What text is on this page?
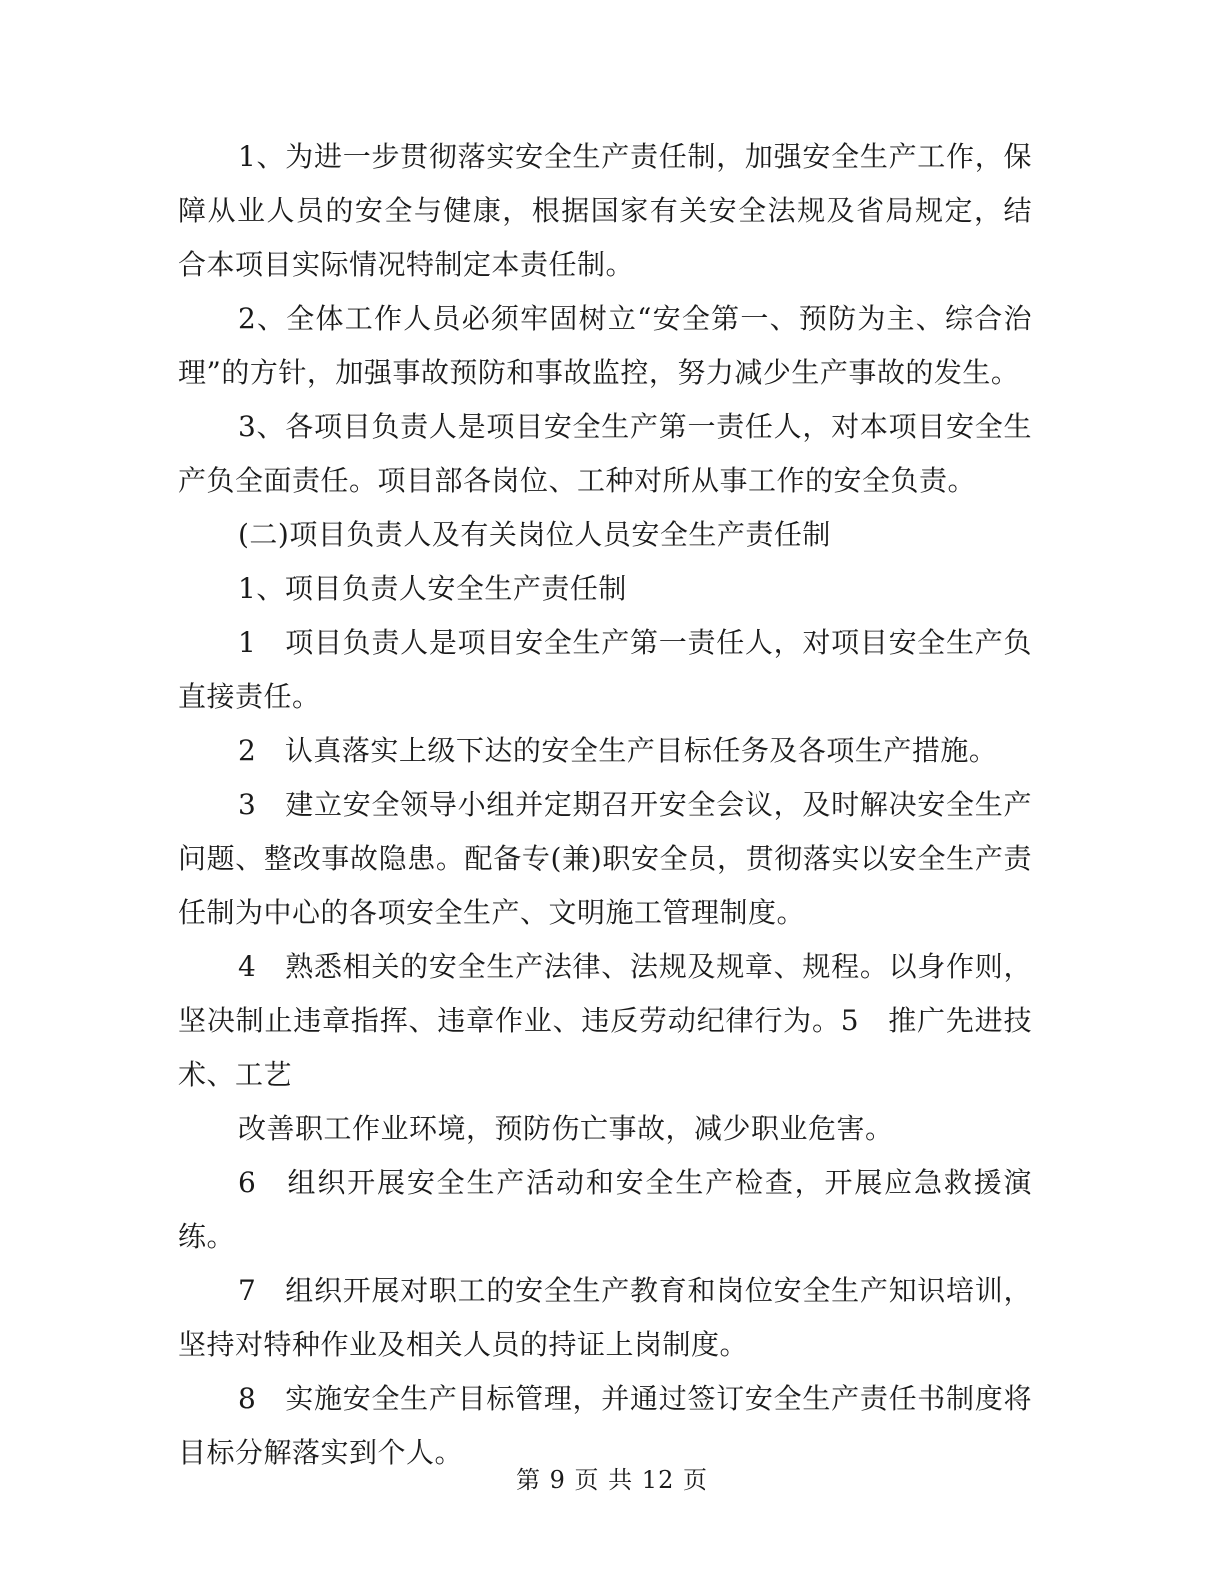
1、为进一步贯彻落实安全生产责任制，加强安全生产工作，保障从业人员的安全与健康，根据国家有关安全法规及省局规定，结合本项目实际情况特制定本责任制。

2、全体工作人员必须牢固树立“安全第一、预防为主、综合治理”的方针，加强事故预防和事故监控，努力减少生产事故的发生。

3、各项目负责人是项目安全生产第一责任人，对本项目安全生产负全面责任。项目部各岗位、工种对所从事工作的安全负责。

(二)项目负责人及有关岗位人员安全生产责任制

1、项目负责人安全生产责任制

1　项目负责人是项目安全生产第一责任人，对项目安全生产负直接责任。

2　认真落实上级下达的安全生产目标任务及各项生产措施。

3　建立安全领导小组并定期召开安全会议，及时解决安全生产问题、整改事故隐患。配备专(兼)职安全员，贯彻落实以安全生产责任制为中心的各项安全生产、文明施工管理制度。

4　熟悉相关的安全生产法律、法规及规章、规程。以身作则，坚决制止违章指挥、违章作业、违反劳动纪律行为。5　推广先进技术、工艺

改善职工作业环境，预防伤亡事故，减少职业危害。

6　组织开展安全生产活动和安全生产检查，开展应急救援演练。

7　组织开展对职工的安全生产教育和岗位安全生产知识培训，坚持对特种作业及相关人员的持证上岗制度。

8　实施安全生产目标管理，并通过签订安全生产责任书制度将目标分解落实到个人。

第 9 页 共 12 页
